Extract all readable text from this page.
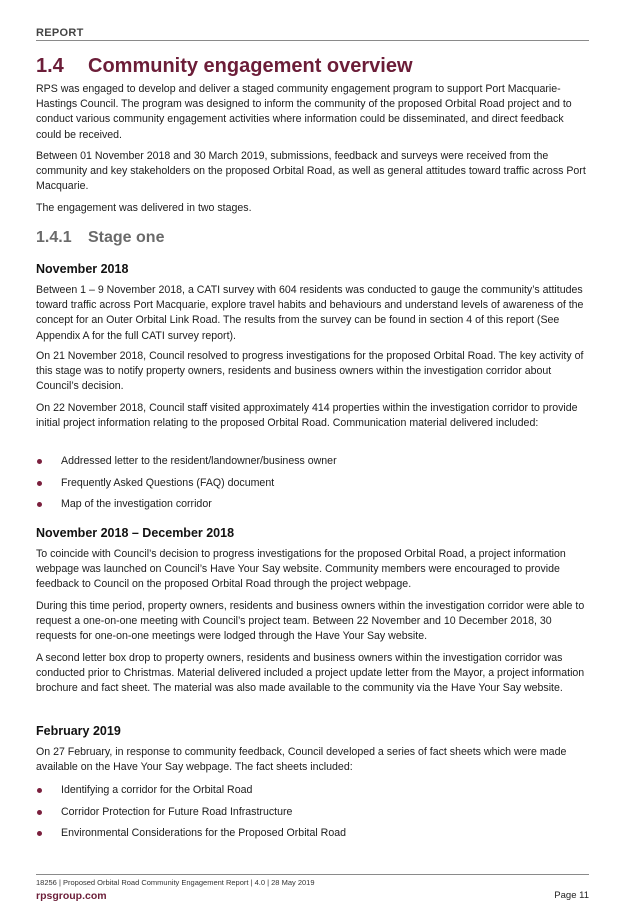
REPORT
1.4 Community engagement overview

RPS was engaged to develop and deliver a staged community engagement program to support Port Macquarie-Hastings Council. The program was designed to inform the community of the proposed Orbital Road project and to conduct various community engagement activities where information could be disseminated, and direct feedback could be received.

Between 01 November 2018 and 30 March 2019, submissions, feedback and surveys were received from the community and key stakeholders on the proposed Orbital Road, as well as general attitudes toward traffic across Port Macquarie.

The engagement was delivered in two stages.

1.4.1 Stage one
November 2018

Between 1 – 9 November 2018, a CATI survey with 604 residents was conducted to gauge the community’s attitudes toward traffic across Port Macquarie, explore travel habits and behaviours and understand levels of awareness of the concept for an Outer Orbital Link Road. The results from the survey can be found in section 4 of this report (See Appendix A for the full CATI survey report).

On 21 November 2018, Council resolved to progress investigations for the proposed Orbital Road. The key activity of this stage was to notify property owners, residents and business owners within the investigation corridor about Council’s decision.

On 22 November 2018, Council staff visited approximately 414 properties within the investigation corridor to provide initial project information relating to the proposed Orbital Road. Communication material delivered included:

Addressed letter to the resident/landowner/business owner
Frequently Asked Questions (FAQ) document
Map of the investigation corridor
November 2018 – December 2018

To coincide with Council’s decision to progress investigations for the proposed Orbital Road, a project information webpage was launched on Council’s Have Your Say website. Community members were encouraged to provide feedback to Council on the proposed Orbital Road through the project webpage.

During this time period, property owners, residents and business owners within the investigation corridor were able to request a one-on-one meeting with Council’s project team. Between 22 November and 10 December 2018, 30 requests for one-on-one meetings were lodged through the Have Your Say website.

A second letter box drop to property owners, residents and business owners within the investigation corridor was conducted prior to Christmas. Material delivered included a project update letter from the Mayor, a project information brochure and fact sheet. The material was also made available to the community via the Have Your Say website.

February 2019

On 27 February, in response to community feedback, Council developed a series of fact sheets which were made available on the Have Your Say webpage. The fact sheets included:

Identifying a corridor for the Orbital Road
Corridor Protection for Future Road Infrastructure
Environmental Considerations for the Proposed Orbital Road
18256 | Proposed Orbital Road Community Engagement Report | 4.0 | 28 May 2019
rpsgroup.com	Page 11
